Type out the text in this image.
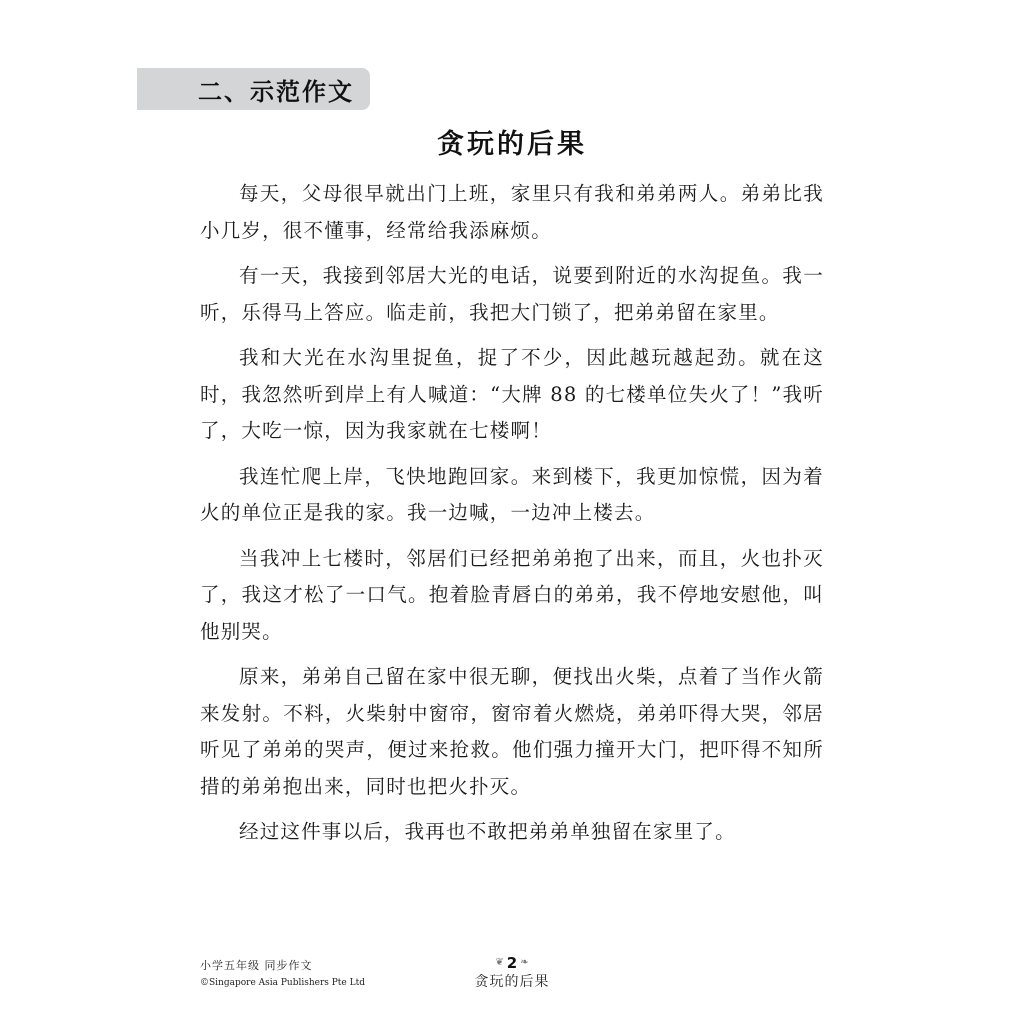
二、示范作文
贪玩的后果

每天，父母很早就出门上班，家里只有我和弟弟两人。弟弟比我小几岁，很不懂事，经常给我添麻烦。

有一天，我接到邻居大光的电话，说要到附近的水沟捉鱼。我一听，乐得马上答应。临走前，我把大门锁了，把弟弟留在家里。

我和大光在水沟里捉鱼，捉了不少，因此越玩越起劲。就在这时，我忽然听到岸上有人喊道：“大牌 88 的七楼单位失火了！”我听了，大吃一惊，因为我家就在七楼啊！

我连忙爬上岸，飞快地跑回家。来到楼下，我更加惊慌，因为着火的单位正是我的家。我一边喊，一边冲上楼去。

当我冲上七楼时，邻居们已经把弟弟抱了出来，而且，火也扑灭了，我这才松了一口气。抱着脸青唇白的弟弟，我不停地安慰他，叫他别哭。

原来，弟弟自己留在家中很无聊，便找出火柴，点着了当作火箭来发射。不料，火柴射中窗帘，窗帘着火燃烧，弟弟吓得大哭，邻居听见了弟弟的哭声，便过来抢救。他们强力撞开大门，把吓得不知所措的弟弟抱出来，同时也把火扑灭。

经过这件事以后，我再也不敢把弟弟单独留在家里了。

小学五年级 同步作文
©Singapore Asia Publishers Pte Ltd
❦ 2 ❧
贪玩的后果
